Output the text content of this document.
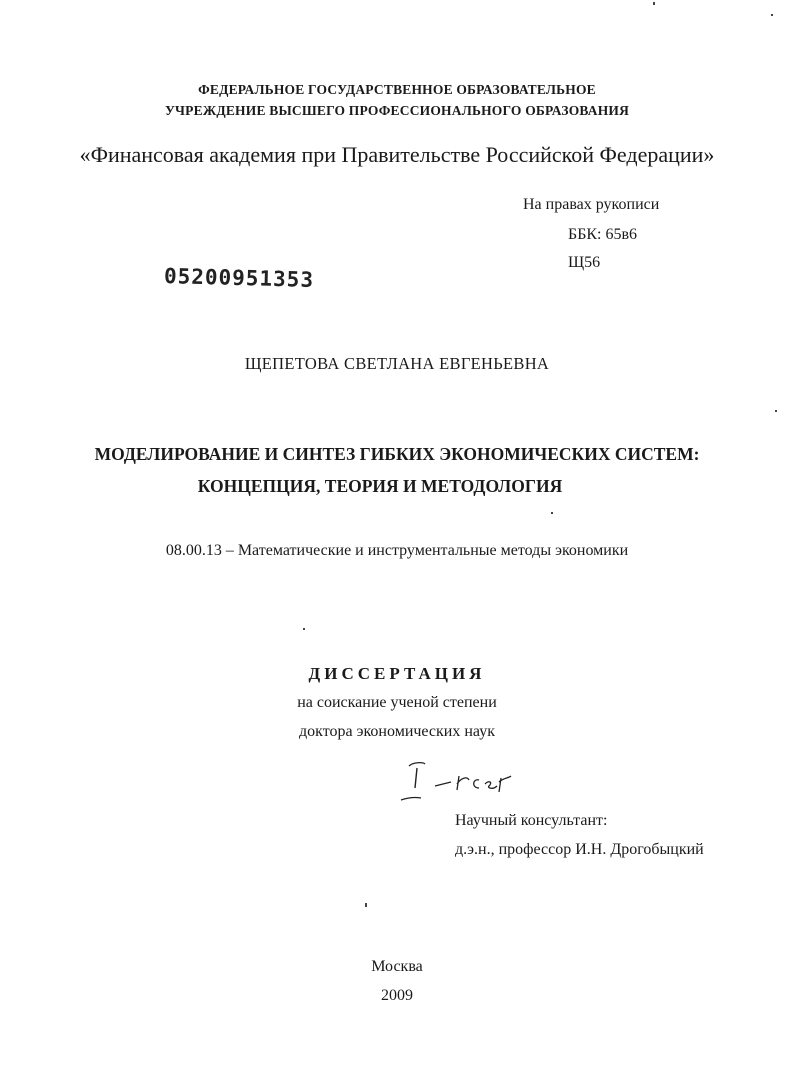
ФЕДЕРАЛЬНОЕ ГОСУДАРСТВЕННОЕ ОБРАЗОВАТЕЛЬНОЕ
УЧРЕЖДЕНИЕ ВЫСШЕГО ПРОФЕССИОНАЛЬНОГО ОБРАЗОВАНИЯ
«Финансовая академия при Правительстве Российской Федерации»
На правах рукописи
ББК: 65в6
Щ56
05200951353
ЩЕПЕТОВА СВЕТЛАНА ЕВГЕНЬЕВНА
МОДЕЛИРОВАНИЕ И СИНТЕЗ ГИБКИХ ЭКОНОМИЧЕСКИХ СИСТЕМ:
КОНЦЕПЦИЯ, ТЕОРИЯ И МЕТОДОЛОГИЯ
08.00.13 – Математические и инструментальные методы экономики
ДИССЕРТАЦИЯ
на соискание ученой степени
доктора экономических наук
Научный консультант:
д.э.н., профессор И.Н. Дрогобыцкий
Москва
2009
